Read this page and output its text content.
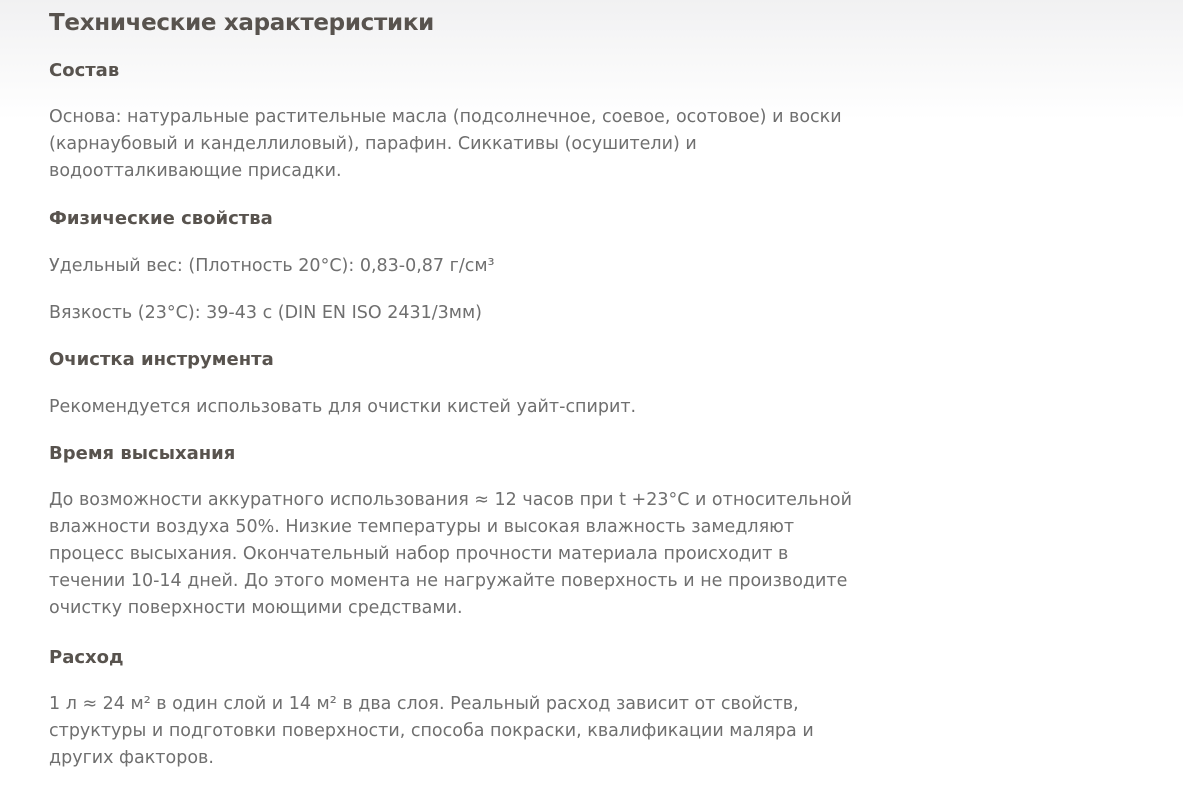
Технические характеристики
Состав

Основа: натуральные растительные масла (подсолнечное, соевое, осотовое) и воски
(карнаубовый и канделлиловый), парафин. Сиккативы (осушители) и
водоотталкивающие присадки.

Физические свойства

Удельный вес: (Плотность 20°С): 0,83-0,87 г/см³

Вязкость (23°С): 39-43 с (DIN EN ISO 2431/3мм)

Очистка инструмента

Рекомендуется использовать для очистки кистей уайт-спирит.

Время высыхания

До возможности аккуратного использования ≈ 12 часов при t +23°С и относительной
влажности воздуха 50%. Низкие температуры и высокая влажность замедляют
процесс высыхания. Окончательный набор прочности материала происходит в
течении 10-14 дней. До этого момента не нагружайте поверхность и не производите
очистку поверхности моющими средствами.

Расход

1 л ≈ 24 м² в один слой и 14 м² в два слоя. Реальный расход зависит от свойств,
структуры и подготовки поверхности, способа покраски, квалификации маляра и
других факторов.
